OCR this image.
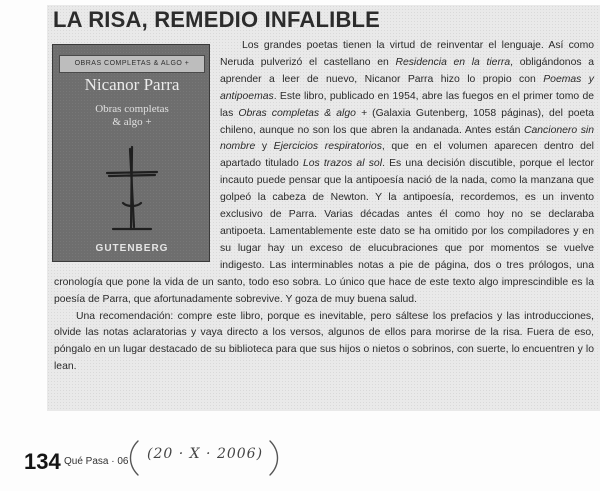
LA RISA, REMEDIO INFALIBLE
OBRAS COMPLETAS & ALGO +
Nicanor Parra
Obras completas
& algo +
GUTENBERG
Los grandes poetas tienen la virtud de reinventar el lenguaje. Así como Neruda pulverizó el castellano en Residencia en la tierra, obligándonos a aprender a leer de nuevo, Nicanor Parra hizo lo propio con Poemas y antipoemas. Este libro, publicado en 1954, abre las fuegos en el primer tomo de las Obras completas & algo + (Galaxia Gutenberg, 1058 páginas), del poeta chileno, aunque no son los que abren la andanada. Antes están Cancionero sin nombre y Ejercicios respiratorios, que en el volumen aparecen dentro del apartado titulado Los trazos al sol. Es una decisión discutible, porque el lector incauto puede pensar que la antipoesía nació de la nada, como la manzana que golpeó la cabeza de Newton. Y la antipoesía, recordemos, es un invento exclusivo de Parra. Varias décadas antes él como hoy no se declaraba antipoeta. Lamentablemente este dato se ha omitido por los compiladores y en su lugar hay un exceso de elucubraciones que por momentos se vuelve indigesto. Las interminables notas a pie de página, dos o tres prólogos, una cronología que pone la vida de un santo, todo eso sobra. Lo único que hace de este texto algo imprescindible es la poesía de Parra, que afortunadamente sobrevive. Y goza de muy buena salud.
Una recomendación: compre este libro, porque es inevitable, pero sáltese los prefacios y las introducciones, olvide las notas aclaratorias y vaya directo a los versos, algunos de ellos para morirse de la risa. Fuera de eso, póngalo en un lugar destacado de su biblioteca para que sus hijos o nietos o sobrinos, con suerte, lo encuentren y lo lean.
134 Qué Pasa · 06 (20 · X · 2006)
